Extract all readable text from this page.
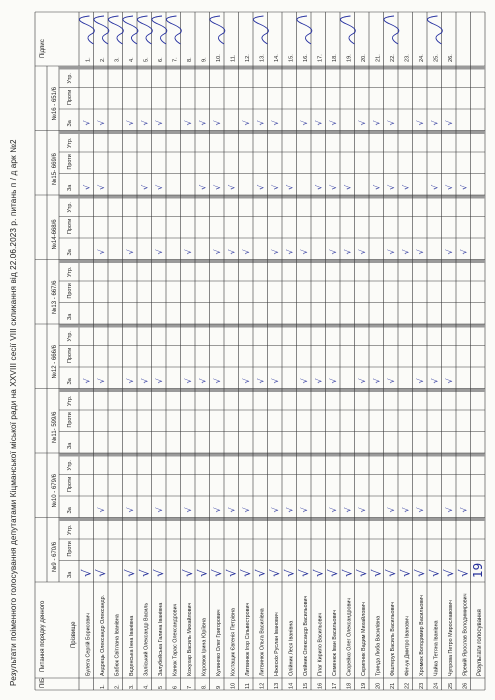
Результати поіменного голосування депутатами Кіцманської міської ради на XXVIII сесії VIII скликання від 22.06.2023 р. питань п / д арк №2	ПІБ
Питання порядку денного	Прізвище
Підпис
№9 - 670/6
За
Проти
Утр.
№10 - 679/6
За
Проти
Утр.
№11- 599/6
За
Проти
Утр.
№12 - 666/6
За
Проти
Утр.
№13 - 667/6
За
Проти
Утр.
№14-668/6
За
Проти
Утр.
№15- 669/6
За
Проти
Утр.
№16 - 651/6
За
Проти
Утр.
Булега Сергій Борисович
1.
√
√
√
√
1.
Андрець Олександр Олександр.
2.
√
√
√
√
√
√
2.
Бабюк Світлана Іванівна
3.
3.
Вєденська Інна Іванівна
4.
√
√
√
√
√
4.
Заліський Олександр Василь
5.
√
√
√
√
5
Залубейська Галина Іванівна
6.
√
√
√
√
√
√
6
Канюк Тарас Олександрович
7.
7
Кожухар Василь Михайлович
8.
√
√
√
√
√
8.
Коровюк Ірина Юріївна
9.
√
√
√
√
9
Кулиняко Олег Григорович
10.
√
√
√
√
√
√
10
Костащик Євгенія Петрівна
11.
√
√
√
√
11
Литвинюк Ігор Сільвестрович
12.
√
√
√
√
√
12
Литвинюк Ольга Василівна
13.
√
√
√
√
13
Ніжескіх Руслан Іванович
14.
√
√
√
√
√
√
14
Олійник Леся Іванівна
15.
√
√
√
√
15
Олійник Олександр Васильович
16.
√
√
√
√
√
16
Плаг Кирило Васильович
17.
√
√
√
√
17
Семенюк Іван Васильович
18.
√
√
√
√
√
√
18
Скорейко Олег Олександрович
19.
√
√
√
√
19
Скрипник Вадим Михайлович
20.
√
√
√
√
√
20
Тринда Люба Василівна
21.
√
√
√
√
21
Фіштерук Василь Васильович
22.
√
√
√
√
√
√
22
Фінчук Дмитро Іванович
23.
√
√
√
√
23
Хромюк Володимир Васильович
24.
√
√
√
√
√
24
Чайка Тетяна Іванівна
25.
√
√
√
√
25
Чупрова Петро Мирославович
26.
√
√
√
√
√
√
26
Яремій Ярослав Володимирович
√
√
√
√
Результати голосування
19
